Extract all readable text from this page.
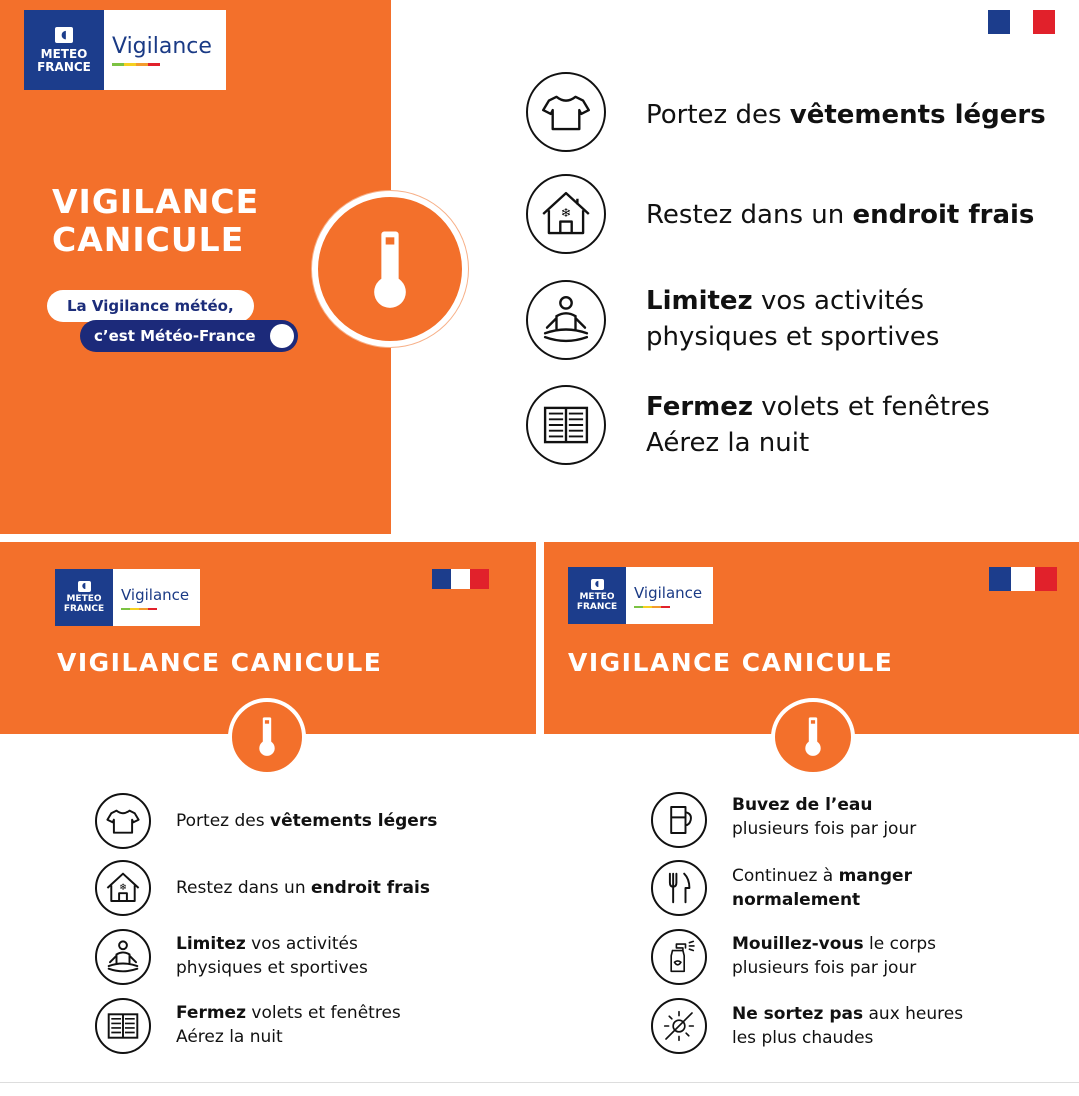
◖
METEO
FRANCE
Vigilance
VIGILANCE
CANICULE
La Vigilance météo,
c’est Météo-France
Portez des vêtements légers
❄	Restez dans un endroit frais
Limitez vos activités
physiques et sportives
Fermez volets et fenêtres
Aérez la nuit
◖
METEO
FRANCE
Vigilance
◖
METEO
FRANCE
Vigilance
VIGILANCE CANICULE	VIGILANCE CANICULE
Portez des vêtements légers
❄	Restez dans un endroit frais
Limitez vos activités
physiques et sportives
Fermez volets et fenêtres
Aérez la nuit
Buvez de l’eau
plusieurs fois par jour
Continuez à manger
normalement
Mouillez-vous le corps
plusieurs fois par jour
Ne sortez pas aux heures
les plus chaudes
